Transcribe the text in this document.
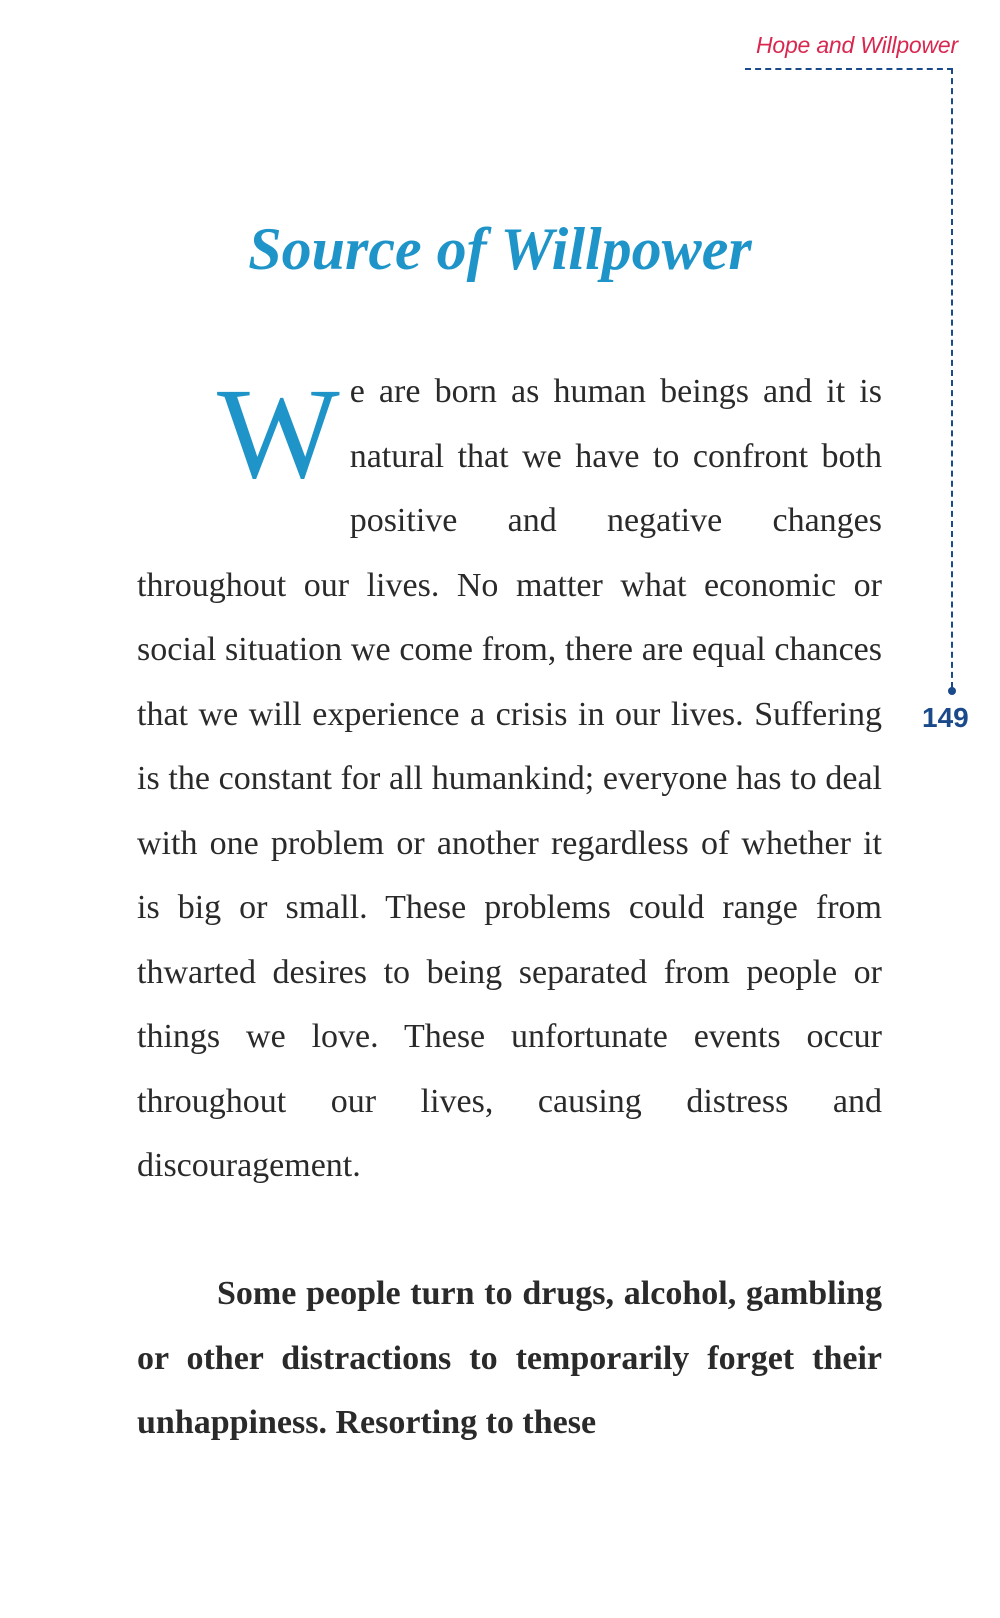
Hope and Willpower
149
Source of Willpower

We are born as human beings and it is natural that we have to confront both positive and negative changes throughout our lives. No matter what economic or social situation we come from, there are equal chances that we will experience a crisis in our lives. Suffering is the constant for all humankind; everyone has to deal with one problem or another regardless of whether it is big or small. These problems could range from thwarted desires to being separated from people or things we love. These unfortunate events occur throughout our lives, causing distress and discouragement.

Some people turn to drugs, alcohol, gambling or other distractions to temporarily forget their unhappiness. Resorting to these
